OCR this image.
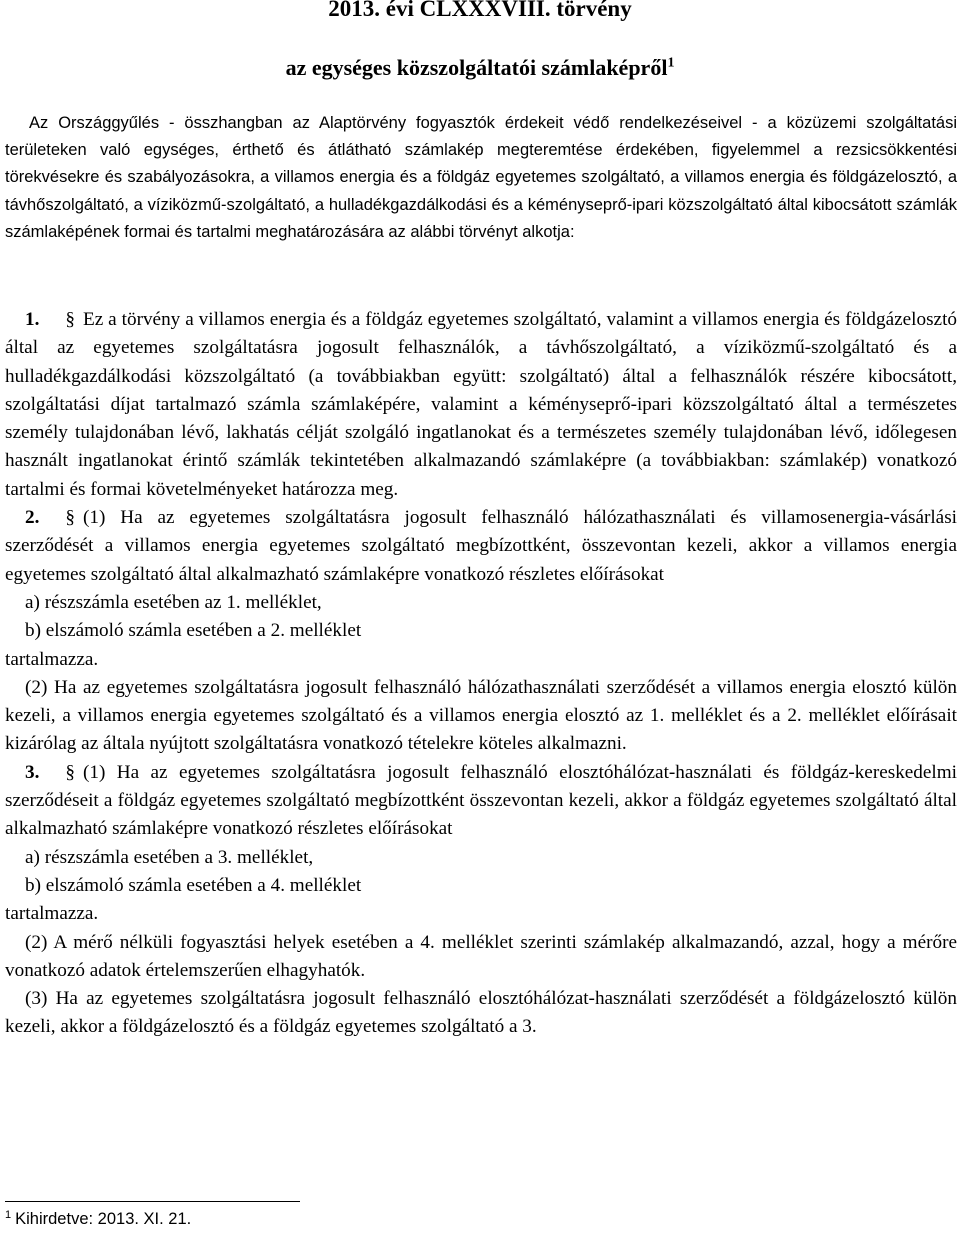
2013. évi CLXXXVIII. törvény
az egységes közszolgáltatói számlaképről$^1$
Az Országgyűlés - összhangban az Alaptörvény fogyasztók érdekeit védő rendelkezéseivel - a közüzemi szolgáltatási területeken való egységes, érthető és átlátható számlakép megteremtése érdekében, figyelemmel a rezsicsökkentési törekvésekre és szabályozásokra, a villamos energia és a földgáz egyetemes szolgáltató, a villamos energia és földgázelosztó, a távhőszolgáltató, a víziközmű-szolgáltató, a hulladékgazdálkodási és a kéményseprő-ipari közszolgáltató által kibocsátott számlák számlaképének formai és tartalmi meghatározására az alábbi törvényt alkotja:

1. § Ez a törvény a villamos energia és a földgáz egyetemes szolgáltató, valamint a villamos energia és földgázelosztó által az egyetemes szolgáltatásra jogosult felhasználók, a távhőszolgáltató, a víziközmű-szolgáltató és a hulladékgazdálkodási közszolgáltató (a továbbiakban együtt: szolgáltató) által a felhasználók részére kibocsátott, szolgáltatási díjat tartalmazó számla számlaképére, valamint a kéményseprő-ipari közszolgáltató által a természetes személy tulajdonában lévő, lakhatás célját szolgáló ingatlanokat és a természetes személy tulajdonában lévő, időlegesen használt ingatlanokat érintő számlák tekintetében alkalmazandó számlaképre (a továbbiakban: számlakép) vonatkozó tartalmi és formai követelményeket határozza meg.

2. § (1) Ha az egyetemes szolgáltatásra jogosult felhasználó hálózathasználati és villamosenergia-vásárlási szerződését a villamos energia egyetemes szolgáltató megbízottként, összevontan kezeli, akkor a villamos energia egyetemes szolgáltató által alkalmazható számlaképre vonatkozó részletes előírásokat

a) részszámla esetében az 1. melléklet,

b) elszámoló számla esetében a 2. melléklet

tartalmazza.

(2) Ha az egyetemes szolgáltatásra jogosult felhasználó hálózathasználati szerződését a villamos energia elosztó külön kezeli, a villamos energia egyetemes szolgáltató és a villamos energia elosztó az 1. melléklet és a 2. melléklet előírásait kizárólag az általa nyújtott szolgáltatásra vonatkozó tételekre köteles alkalmazni.

3. § (1) Ha az egyetemes szolgáltatásra jogosult felhasználó elosztóhálózat-használati és földgáz-kereskedelmi szerződéseit a földgáz egyetemes szolgáltató megbízottként összevontan kezeli, akkor a földgáz egyetemes szolgáltató által alkalmazható számlaképre vonatkozó részletes előírásokat

a) részszámla esetében a 3. melléklet,

b) elszámoló számla esetében a 4. melléklet

tartalmazza.

(2) A mérő nélküli fogyasztási helyek esetében a 4. melléklet szerinti számlakép alkalmazandó, azzal, hogy a mérőre vonatkozó adatok értelemszerűen elhagyhatók.

(3) Ha az egyetemes szolgáltatásra jogosult felhasználó elosztóhálózat-használati szerződését a földgázelosztó külön kezeli, akkor a földgázelosztó és a földgáz egyetemes szolgáltató a 3.

$^1$ Kihirdetve: 2013. XI. 21.
